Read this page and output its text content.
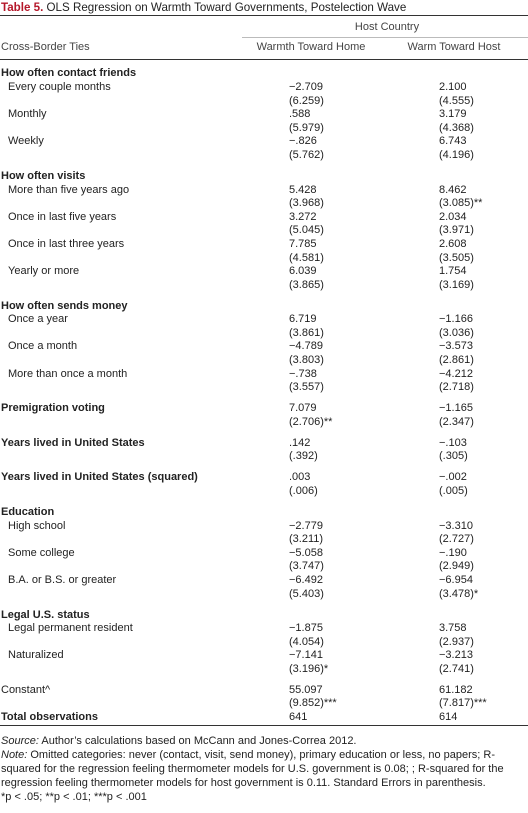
Table 5. OLS Regression on Warmth Toward Governments, Postelection Wave
Host Country
Cross-Border Ties	Warmth Toward Home	Warm Toward Host
How often contact friends
Every couple months	−2.709	2.100
(6.259)	(4.555)
Monthly	.588	3.179
(5.979)	(4.368)
Weekly	−.826	6.743
(5.762)	(4.196)
How often visits
More than five years ago	5.428	8.462
(3.968)	(3.085)**
Once in last five years	3.272	2.034
(5.045)	(3.971)
Once in last three years	7.785	2.608
(4.581)	(3.505)
Yearly or more	6.039	1.754
(3.865)	(3.169)
How often sends money
Once a year	6.719	−1.166
(3.861)	(3.036)
Once a month	−4.789	−3.573
(3.803)	(2.861)
More than once a month	−.738	−4.212
(3.557)	(2.718)
Premigration voting	7.079	−1.165
(2.706)**	(2.347)
Years lived in United States	.142	−.103
(.392)	(.305)
Years lived in United States (squared)	.003	−.002
(.006)	(.005)
Education
High school	−2.779	−3.310
(3.211)	(2.727)
Some college	−5.058	−.190
(3.747)	(2.949)
B.A. or B.S. or greater	−6.492	−6.954
(5.403)	(3.478)*
Legal U.S. status
Legal permanent resident	−1.875	3.758
(4.054)	(2.937)
Naturalized	−7.141	−3.213
(3.196)*	(2.741)
Constant^	55.097	61.182
(9.852)***	(7.817)***
Total observations	641	614
Source: Author’s calculations based on McCann and Jones-Correa 2012.
Note: Omitted categories: never (contact, visit, send money), primary education or less, no papers; R-squared for the regression feeling thermometer models for U.S. government is 0.08; ; R-squared for the regression feeling thermometer models for host government is 0.11. Standard Errors in parenthesis.
*p < .05; **p < .01; ***p < .001
